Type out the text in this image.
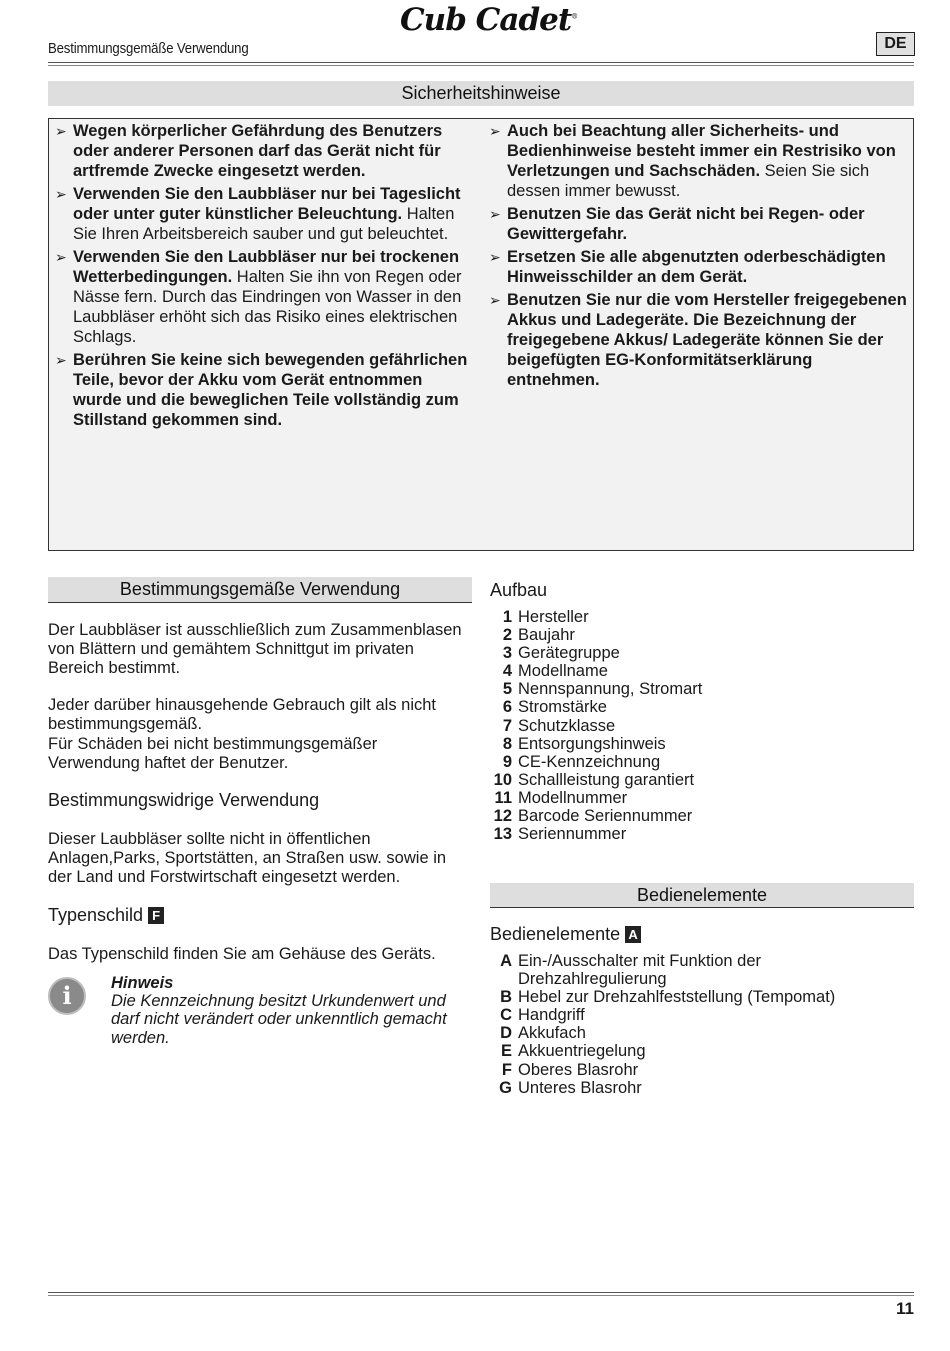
Bestimmungsgemäße Verwendung
Cub Cadet®
DE
Sicherheitshinweise
➢ Wegen körperlicher Gefährdung des Benutzers oder anderer Personen darf das Gerät nicht für artfremde Zwecke eingesetzt werden.
➢ Verwenden Sie den Laubbläser nur bei Tageslicht oder unter guter künstlicher Beleuchtung. Halten Sie Ihren Arbeitsbereich sauber und gut beleuchtet.
➢ Verwenden Sie den Laubbläser nur bei trockenen Wetterbedingungen. Halten Sie ihn von Regen oder Nässe fern. Durch das Eindringen von Wasser in den Laubbläser erhöht sich das Risiko eines elektrischen Schlags.
➢ Berühren Sie keine sich bewegenden gefährlichen Teile, bevor der Akku vom Gerät entnommen wurde und die beweglichen Teile vollständig zum Stillstand gekommen sind.
➢ Auch bei Beachtung aller Sicherheits- und Bedienhinweise besteht immer ein Restrisiko von Verletzungen und Sachschäden. Seien Sie sich dessen immer bewusst.
➢ Benutzen Sie das Gerät nicht bei Regen- oder Gewittergefahr.
➢ Ersetzen Sie alle abgenutzten oderbeschädigten Hinweisschilder an dem Gerät.
➢ Benutzen Sie nur die vom Hersteller freigegebenen Akkus und Ladegeräte. Die Bezeichnung der freigegebene Akkus/ Ladegeräte können Sie der beigefügten EG-Konformitätserklärung entnehmen.
Bestimmungsgemäße Verwendung
Der Laubbläser ist ausschließlich zum Zusammenblasen von Blättern und gemähtem Schnittgut im privaten Bereich bestimmt.
Jeder darüber hinausgehende Gebrauch gilt als nicht bestimmungsgemäß.
Für Schäden bei nicht bestimmungsgemäßer Verwendung haftet der Benutzer.
Bestimmungswidrige Verwendung
Dieser Laubbläser sollte nicht in öffentlichen Anlagen,Parks, Sportstätten, an Straßen usw. sowie in der Land und Forstwirtschaft eingesetzt werden.
Typenschild F
Das Typenschild finden Sie am Gehäuse des Geräts.
i	Hinweis
Die Kennzeichnung besitzt Urkundenwert und darf nicht verändert oder unkenntlich gemacht werden.
Aufbau
1 Hersteller
2 Baujahr
3 Gerätegruppe
4 Modellname
5 Nennspannung, Stromart
6 Stromstärke
7 Schutzklasse
8 Entsorgungshinweis
9 CE-Kennzeichnung
10 Schallleistung garantiert
11 Modellnummer
12 Barcode Seriennummer
13 Seriennummer
Bedienelemente
Bedienelemente A
A Ein-/Ausschalter mit Funktion der Drehzahlregulierung
B Hebel zur Drehzahlfeststellung (Tempomat)
C Handgriff
D Akkufach
E Akkuentriegelung
F Oberes Blasrohr
G Unteres Blasrohr
11
